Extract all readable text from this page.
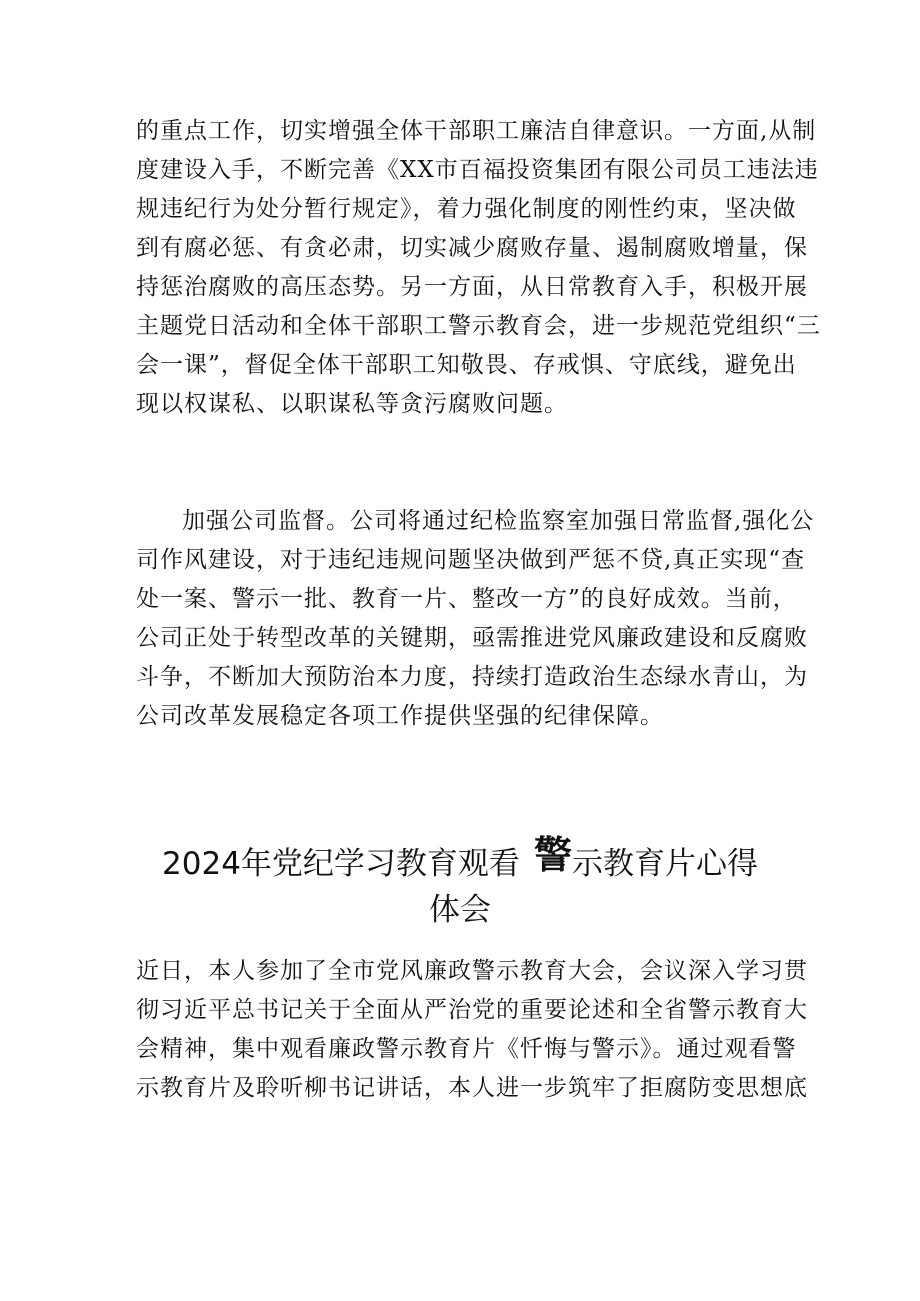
的重点工作，切实增强全体干部职工廉洁自律意识。一方面,从制
度建设入手，不断完善《XX市百福投资集团有限公司员工违法违
规违纪行为处分暂行规定》，着力强化制度的刚性约束，坚决做
到有腐必惩、有贪必肃，切实减少腐败存量、遏制腐败增量，保
持惩治腐败的高压态势。另一方面，从日常教育入手，积极开展
主题党日活动和全体干部职工警示教育会，进一步规范党组织“三
会一课”，督促全体干部职工知敬畏、存戒惧、守底线，避免出
现以权谋私、以职谋私等贪污腐败问题。
加强公司监督。公司将通过纪检监察室加强日常监督,强化公
司作风建设，对于违纪违规问题坚决做到严惩不贷,真正实现“查
处一案、警示一批、教育一片、整改一方”的良好成效。当前，
公司正处于转型改革的关键期，亟需推进党风廉政建设和反腐败
斗争，不断加大预防治本力度，持续打造政治生态绿水青山，为
公司改革发展稳定各项工作提供坚强的纪律保障。
2024年党纪学习教育观看 警示教育片心得
体会
近日，本人参加了全市党风廉政警示教育大会，会议深入学习贯
彻习近平总书记关于全面从严治党的重要论述和全省警示教育大
会精神，集中观看廉政警示教育片《忏悔与警示》。通过观看警
示教育片及聆听柳书记讲话，本人进一步筑牢了拒腐防变思想底
